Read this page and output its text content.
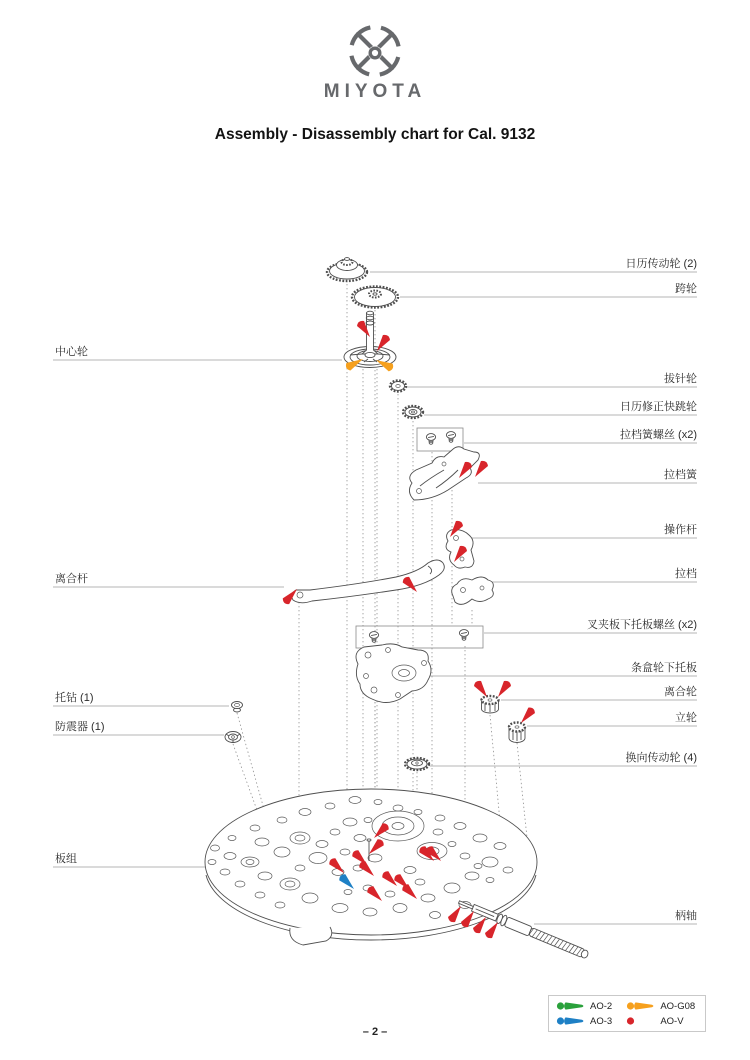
MIYOTA
Assembly - Disassembly chart for Cal. 9132
日历传动轮 (2)
跨轮
拔针轮
日历修正快跳轮
拉档簧螺丝 (x2)
拉档簧
操作杆
拉档
叉夹板下托板螺丝 (x2)
条盒轮下托板
离合轮
立轮
换向传动轮 (4)
柄轴
中心轮
离合杆
托钻 (1)
防震器 (1)
板组
AO-2	AO-G08
AO-3	AO-V
– 2 –
